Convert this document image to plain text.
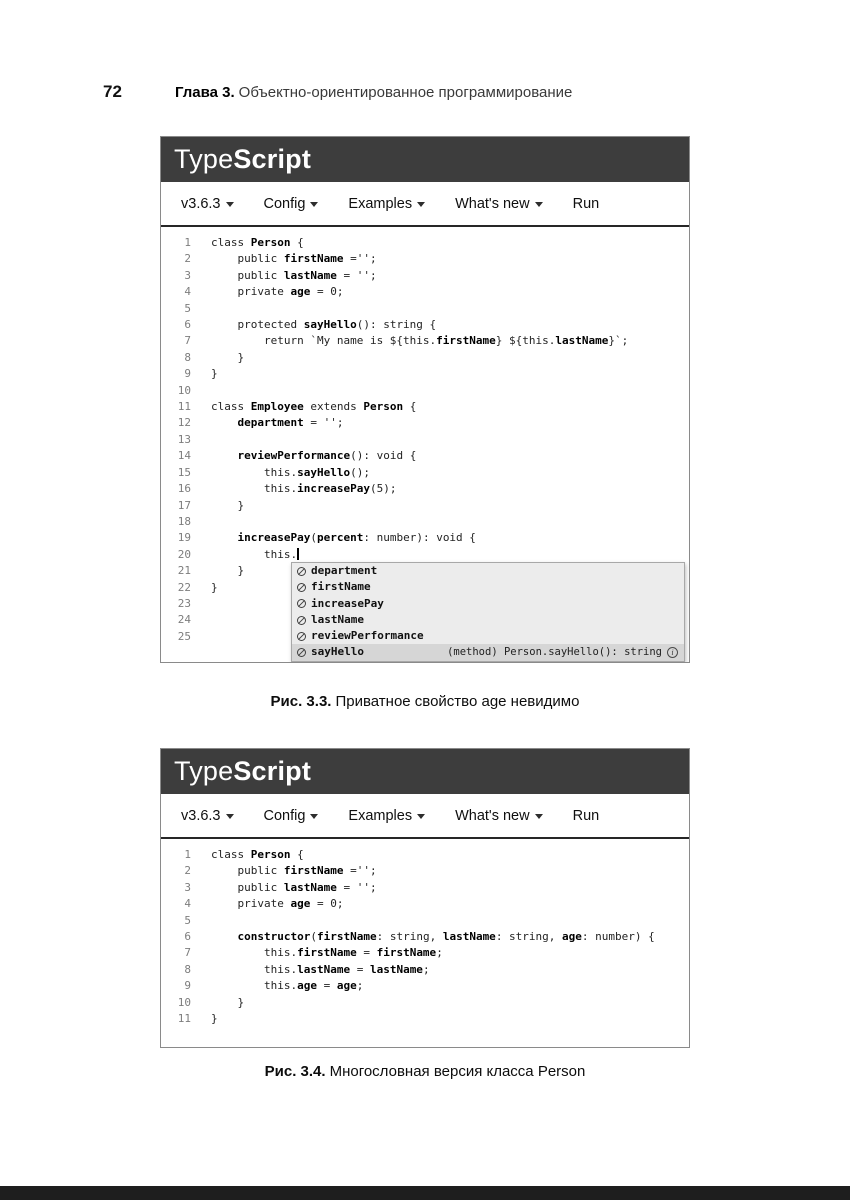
72	Глава 3. Объектно-ориентированное программирование
TypeScript
v3.6.3	Config	Examples	What's new	Run
1 class Person {
2 public firstName ='';
3 public lastName = '';
4 private age = 0;
5
6 protected sayHello(): string {
7 return `My name is ${this.firstName} ${this.lastName}`;
8 }
9 }
10
11 class Employee extends Person {
12	department = '';
13
14	reviewPerformance(): void {
15 this.sayHello();
16 this.increasePay(5);
17 }
18
19	increasePay(percent: number): void {
20 this.
21 }
22 }
23
24
25
department
firstName
increasePay
lastName
reviewPerformance
sayHello	(method) Person.sayHello(): string	i
Рис. 3.3. Приватное свойство age невидимо
TypeScript
v3.6.3	Config	Examples	What's new	Run
1 class Person {
2 public firstName ='';
3 public lastName = '';
4 private age = 0;
5
6	constructor(firstName: string, lastName: string, age: number) {
7 this.firstName = firstName;
8 this.lastName = lastName;
9 this.age = age;
10 }
11 }
Рис. 3.4. Многословная версия класса Person
